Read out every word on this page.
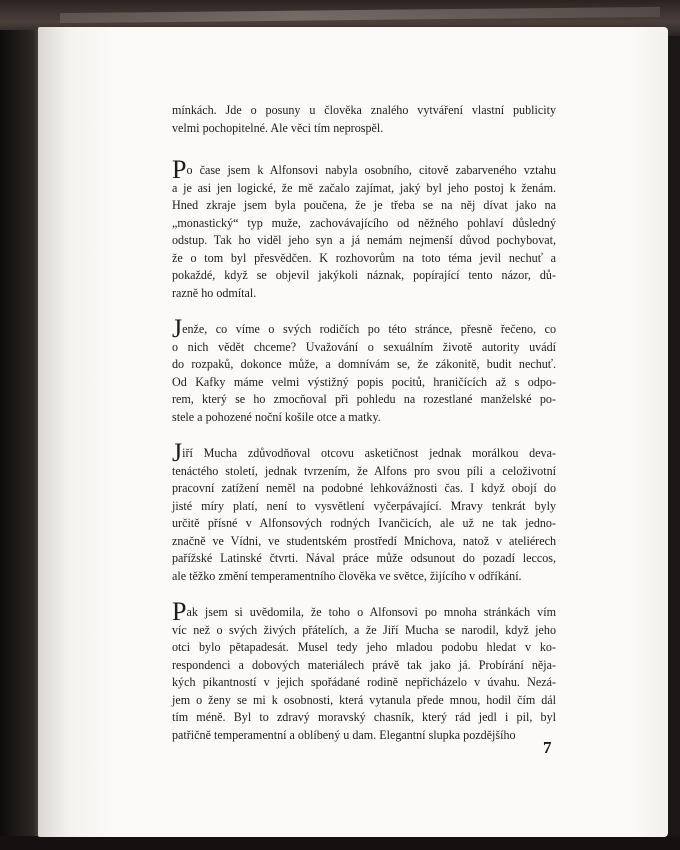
mínkách. Jde o posuny u člověka znalého vytváření vlastní publicity
velmi pochopitelné. Ale věci tím neprospěl.

Po čase jsem k Alfonsovi nabyla osobního, citově zabarveného vztahu
a je asi jen logické, že mě začalo zajímat, jaký byl jeho postoj k ženám.
Hned zkraje jsem byla poučena, že je třeba se na něj dívat jako na
„monastický“ typ muže, zachovávajícího od něžného pohlaví důsledný
odstup. Tak ho viděl jeho syn a já nemám nejmenší důvod pochybovat,
že o tom byl přesvědčen. K rozhovorům na toto téma jevil nechuť a
pokaždé, když se objevil jakýkoli náznak, popírající tento názor, dů-
razně ho odmítal.

Jenže, co víme o svých rodičích po této stránce, přesně řečeno, co
o nich vědět chceme? Uvažování o sexuálním životě autority uvádí
do rozpaků, dokonce může, a domnívám se, že zákonitě, budit nechuť.
Od Kafky máme velmi výstižný popis pocitů, hraničících až s odpo-
rem, který se ho zmocňoval při pohledu na rozestlané manželské po-
stele a pohozené noční košile otce a matky.

Jiří Mucha zdůvodňoval otcovu asketičnost jednak morálkou deva-
tenáctého století, jednak tvrzením, že Alfons pro svou píli a celoživotní
pracovní zatížení neměl na podobné lehkovážnosti čas. I když obojí do
jisté míry platí, není to vysvětlení vyčerpávající. Mravy tenkrát byly
určitě přísné v Alfonsových rodných Ivančicích, ale už ne tak jedno-
značně ve Vídni, ve studentském prostředí Mnichova, natož v ateliérech
pařížské Latinské čtvrti. Nával práce může odsunout do pozadí leccos,
ale těžko změní temperamentního člověka ve světce, žijícího v odříkání.

Pak jsem si uvědomila, že toho o Alfonsovi po mnoha stránkách vím
víc než o svých živých přátelích, a že Jiří Mucha se narodil, když jeho
otci bylo pětapadesát. Musel tedy jeho mladou podobu hledat v ko-
respondenci a dobových materiálech právě tak jako já. Probírání něja-
kých pikantností v jejich spořádané rodině nepřicházelo v úvahu. Nezá-
jem o ženy se mi k osobnosti, která vytanula přede mnou, hodil čím dál
tím méně. Byl to zdravý moravský chasník, který rád jedl i pil, byl
patřičně temperamentní a oblíbený u dam. Elegantní slupka pozdějšího

7
